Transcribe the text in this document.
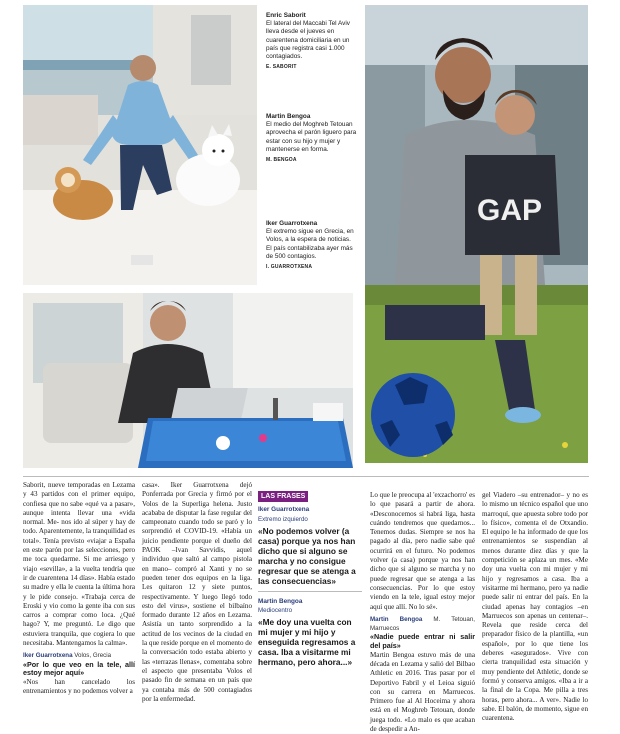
GAP
Enric Saborit
El lateral del Maccabi Tel Aviv lleva desde el jueves en cuarentena domiciliaria en un país que registra casi 1.000 contagiados.
E. SABORIT
Martin Bengoa
El medio del Moghreb Tetouan aprovecha el parón liguero para estar con su hijo y mujer y mantenerse en forma.
M. BENGOA
Iker Guarrotxena
El extremo sigue en Grecia, en Volos, a la espera de noticias. El país contabilizaba ayer más de 500 contagios.
I. GUARROTXENA

Saborit, nueve temporadas en Lezama y 43 partidos con el primer equipo, confiesa que no sabe «qué va a pasar», aunque intenta llevar una «vida normal. Me- nos ido al súper y hay de todo. Aparentemente, la tranquilidad es total». Tenía previsto «viajar a España en este parón por las selecciones, pero me toca quedarme. Si me arriesgo y viajo «sevilla», a la vuelta tendría que ir de cuarentena 14 días». Había estado su madre y ella le cuenta la última hora y le pide consejo. «Trabaja cerca de Eroski y vio como la gente iba con sus carros a comprar como loca. ¿Qué hago? Y, me preguntó. Le digo que estuviera tranquila, que cogiera lo que necesitaba. Mantengamos la calma».

Iker Guarrotxena Volos, Grecia
«Por lo que veo en la tele, allí estoy mejor aquí»

«Nos han cancelado los entrenamientos y no podemos volver a

casa». Iker Guarrotxena dejó Ponferrada por Grecia y firmó por el Volos de la Superliga helena. Justo acababa de disputar la fase regular del campeonato cuando todo se paró y lo sorprendió el COVID-19. «Había un juicio pendiente porque el dueño del PAOK –Ivan Savvidis, aquel individuo que saltó al campo pistola en mano– compró al Xanti y no se pueden tener dos equipos en la liga. Les quitaron 12 y siete puntos, respectivamente. Y luego llegó todo esto del virus», sostiene el bilbaíno formado durante 12 años en Lezama. Asistía un tanto sorprendido a la actitud de los vecinos de la ciudad en la que reside porque en el momento de la conversación todo estaba abierto y las «terrazas llenas», comentaba sobre el aspecto que presentaba Volos el pasado fin de semana en un país que ya contaba más de 500 contagiados por la enfermedad.

LAS FRASES
Iker Guarrotxena
Extremo izquierdo
«No podemos volver (a casa) porque ya nos han dicho que si alguno se marcha y no consigue regresar que se atenga a las consecuencias»
Martin Bengoa
Mediocentro
«Me doy una vuelta con mi mujer y mi hijo y enseguida regresamos a casa. Iba a visitarme mi hermano, pero ahora...»

Lo que le preocupa al 'exzachorro' es lo que pasará a partir de ahora. «Desconocemos si habrá liga, hasta cuándo tendremos que quedarnos... Tenemos dudas. Siempre se nos ha pagado al día, pero nadie sabe qué ocurrirá en el futuro. No podemos volver (a casa) porque ya nos han dicho que si alguno se marcha y no puede regresar que se atenga a las consecuencias. Por lo que estoy viendo en la tele, igual estoy mejor aquí que allí. No lo sé».

Martin Bengoa M. Tetouan, Marruecos
«Nadie puede entrar ni salir del país»

Martin Bengoa estuvo más de una década en Lezama y salió del Bilbao Athletic en 2016. Tras pasar por el Deportivo Fabril y el Leioa siguió con su carrera en Marruecos. Primero fue al Al Hoceima y ahora está en el Moghreb Tetouan, donde juega todo. «Lo malo es que acaban de despedir a An-

gel Viadero –su entrenador– y no es lo mismo un técnico español que uno marroquí, que apuesta sobre todo por lo físico», comenta el de Otxandio. El equipo le ha informado de que los entrenamientos se suspendían al menos durante diez días y que la competición se aplaza un mes. «Me doy una vuelta con mi mujer y mi hijo y regresamos a casa. Iba a visitarme mi hermano, pero ya nadie puede salir ni entrar del país. En la ciudad apenas hay contagios –en Marruecos son apenas un centenar–. Revela que reside cerca del preparador físico de la plantilla, «un español», por lo que tiene los deberes «asegurados». Vive con cierta tranquilidad esta situación y muy pendiente del Athletic, donde se formó y conserva amigos. «Iba a ir a la final de la Copa. Me pilla a tres horas, pero ahora... A ver». Nadie lo sabe. El balón, de momento, sigue en cuarentena.
